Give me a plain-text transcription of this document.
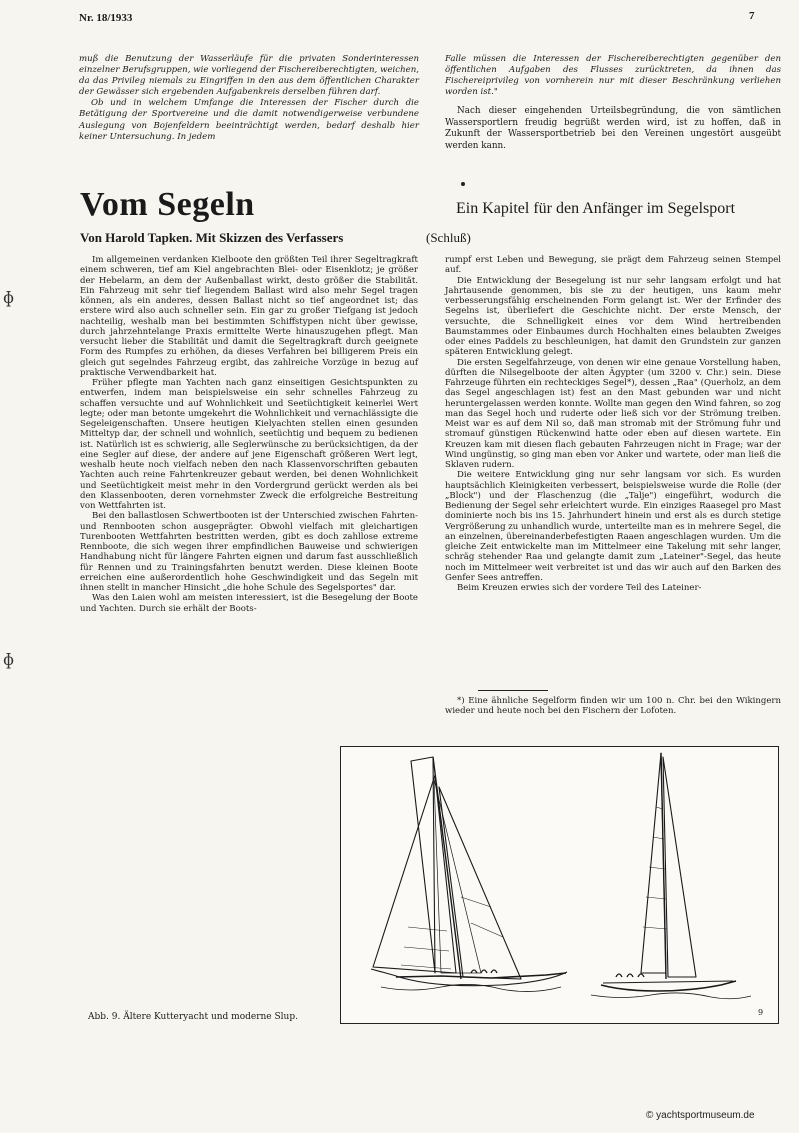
Nr. 18/1933	7

muß die Benutzung der Wasserläufe für die privaten Sonderinteressen einzelner Berufsgruppen, wie vorliegend der Fischereiberechtigten, weichen, da das Privileg niemals zu Eingriffen in den aus dem öffentlichen Charakter der Gewässer sich ergebenden Aufgabenkreis derselben führen darf.

Ob und in welchem Umfange die Interessen der Fischer durch die Betätigung der Sportvereine und die damit notwendigerweise verbundene Auslegung von Bojenfeldern beeinträchtigt werden, bedarf deshalb hier keiner Untersuchung. In jedem

Falle müssen die Interessen der Fischereiberechtigten gegenüber den öffentlichen Aufgaben des Flusses zurücktreten, da ihnen das Fischereiprivileg von vornherein nur mit dieser Beschränkung verliehen worden ist."

Nach dieser eingehenden Urteilsbegründung, die von sämtlichen Wassersportlern freudig begrüßt werden wird, ist zu hoffen, daß in Zukunft der Wassersportbetrieb bei den Vereinen ungestört ausgeübt werden kann.

Vom Segeln	Ein Kapitel für den Anfänger im Segelsport
Von Harold Tapken. Mit Skizzen des Verfassers	(Schluß)

Im allgemeinen verdanken Kielboote den größten Teil ihrer Segeltragkraft einem schweren, tief am Kiel angebrachten Blei- oder Eisenklotz; je größer der Hebelarm, an dem der Außenballast wirkt, desto größer die Stabilität. Ein Fahrzeug mit sehr tief liegendem Ballast wird also mehr Segel tragen können, als ein anderes, dessen Ballast nicht so tief angeordnet ist; das erstere wird also auch schneller sein. Ein gar zu großer Tiefgang ist jedoch nachteilig, weshalb man bei bestimmten Schiffstypen nicht über gewisse, durch jahrzehntelange Praxis ermittelte Werte hinauszugehen pflegt. Man versucht lieber die Stabilität und damit die Segeltragkraft durch geeignete Form des Rumpfes zu erhöhen, da dieses Verfahren bei billigerem Preis ein gleich gut segelndes Fahrzeug ergibt, das zahlreiche Vorzüge in bezug auf praktische Verwendbarkeit hat.

Früher pflegte man Yachten nach ganz einseitigen Gesichtspunkten zu entwerfen, indem man beispielsweise ein sehr schnelles Fahrzeug zu schaffen versuchte und auf Wohnlichkeit und Seetüchtigkeit keinerlei Wert legte; oder man betonte umgekehrt die Wohnlichkeit und vernachlässigte die Segeleigenschaften. Unsere heutigen Kielyachten stellen einen gesunden Mitteltyp dar, der schnell und wohnlich, seetüchtig und bequem zu bedienen ist. Natürlich ist es schwierig, alle Seglerwünsche zu berücksichtigen, da der eine Segler auf diese, der andere auf jene Eigenschaft größeren Wert legt, weshalb heute noch vielfach neben den nach Klassenvorschriften gebauten Yachten auch reine Fahrtenkreuzer gebaut werden, bei denen Wohnlichkeit und Seetüchtigkeit meist mehr in den Vordergrund gerückt werden als bei den Klassenbooten, deren vornehmster Zweck die erfolgreiche Bestreitung von Wettfahrten ist.

Bei den ballastlosen Schwertbooten ist der Unterschied zwischen Fahrten- und Rennbooten schon ausgeprägter. Obwohl vielfach mit gleichartigen Turenbooten Wettfahrten bestritten werden, gibt es doch zahllose extreme Rennboote, die sich wegen ihrer empfindlichen Bauweise und schwierigen Handhabung nicht für längere Fahrten eignen und darum fast ausschließlich für Rennen und zu Trainingsfahrten benutzt werden. Diese kleinen Boote erreichen eine außerordentlich hohe Geschwindigkeit und das Segeln mit ihnen stellt in mancher Hinsicht „die hohe Schule des Segelsportes" dar.

Was den Laien wohl am meisten interessiert, ist die Besegelung der Boote und Yachten. Durch sie erhält der Boots-

rumpf erst Leben und Bewegung, sie prägt dem Fahrzeug seinen Stempel auf.

Die Entwicklung der Besegelung ist nur sehr langsam erfolgt und hat Jahrtausende genommen, bis sie zu der heutigen, uns kaum mehr verbesserungsfähig erscheinenden Form gelangt ist. Wer der Erfinder des Segelns ist, überliefert die Geschichte nicht. Der erste Mensch, der versuchte, die Schnelligkeit eines vor dem Wind hertreibenden Baumstammes oder Einbaumes durch Hochhalten eines belaubten Zweiges oder eines Paddels zu beschleunigen, hat damit den Grundstein zur ganzen späteren Entwicklung gelegt.

Die ersten Segelfahrzeuge, von denen wir eine genaue Vorstellung haben, dürften die Nilsegelboote der alten Ägypter (um 3200 v. Chr.) sein. Diese Fahrzeuge führten ein rechteckiges Segel*), dessen „Raa" (Querholz, an dem das Segel angeschlagen ist) fest an den Mast gebunden war und nicht heruntergelassen werden konnte. Wollte man gegen den Wind fahren, so zog man das Segel hoch und ruderte oder ließ sich vor der Strömung treiben. Meist war es auf dem Nil so, daß man stromab mit der Strömung fuhr und stromauf günstigen Rückenwind hatte oder eben auf diesen wartete. Ein Kreuzen kam mit diesen flach gebauten Fahrzeugen nicht in Frage; war der Wind ungünstig, so ging man eben vor Anker und wartete, oder man ließ die Sklaven rudern.

Die weitere Entwicklung ging nur sehr langsam vor sich. Es wurden hauptsächlich Kleinigkeiten verbessert, beispielsweise wurde die Rolle (der „Block") und der Flaschenzug (die „Talje") eingeführt, wodurch die Bedienung der Segel sehr erleichtert wurde. Ein einziges Raasegel pro Mast dominierte noch bis ins 15. Jahrhundert hinein und erst als es durch stetige Vergrößerung zu unhandlich wurde, unterteilte man es in mehrere Segel, die an einzelnen, übereinanderbefestigten Raaen angeschlagen wurden. Um die gleiche Zeit entwickelte man im Mittelmeer eine Takelung mit sehr langer, schräg stehender Raa und gelangte damit zum „Lateiner"-Segel, das heute noch im Mittelmeer weit verbreitet ist und das wir auch auf den Barken des Genfer Sees antreffen.

Beim Kreuzen erwies sich der vordere Teil des Lateiner-

*) Eine ähnliche Segelform finden wir um 100 n. Chr. bei den Wikingern wieder und heute noch bei den Fischern der Lofoten.
9
Abb. 9. Ältere Kutteryacht und moderne Slup.
ɸ
ɸ
© yachtsportmuseum.de
